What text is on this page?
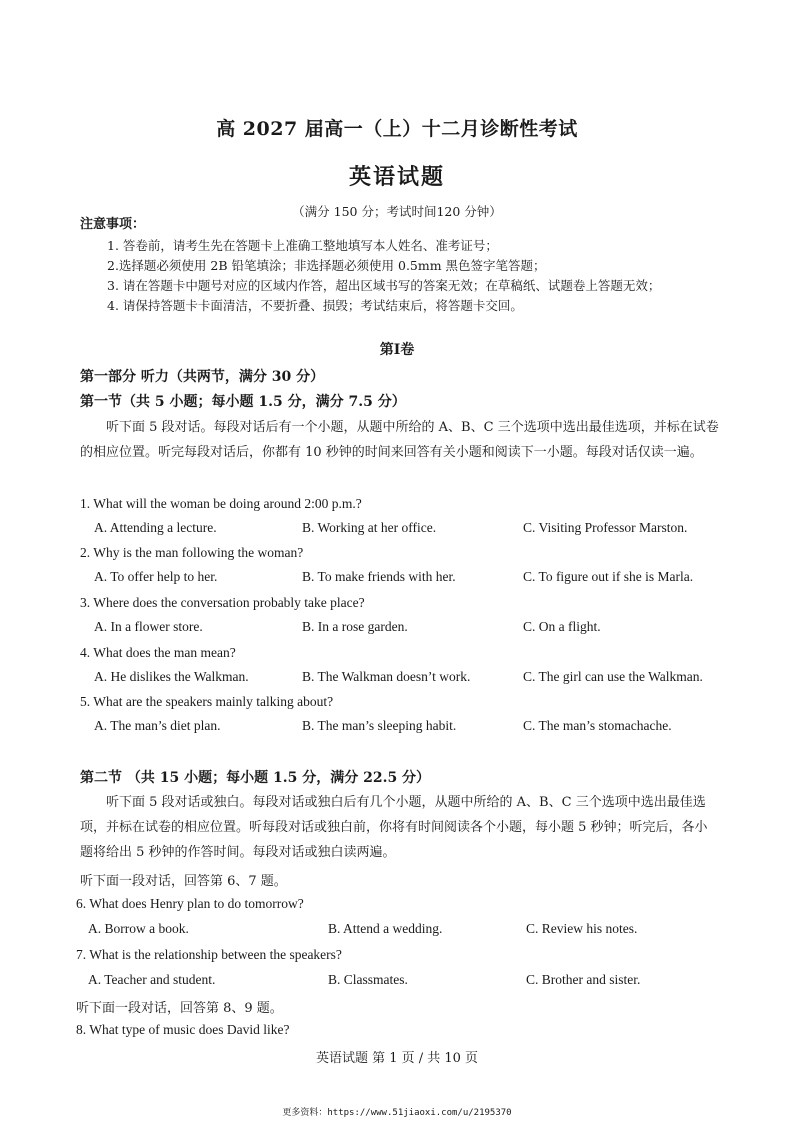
高 2027 届高一（上）十二月诊断性考试
英语试题
（满分 150 分；考试时间120 分钟）
注意事项：
1. 答卷前，请考生先在答题卡上准确工整地填写本人姓名、准考证号；
2.选择题必须使用 2B 铅笔填涂；非选择题必须使用 0.5mm 黑色签字笔答题；
3. 请在答题卡中题号对应的区域内作答，超出区域书写的答案无效；在草稿纸、试题卷上答题无效；
4. 请保持答题卡卡面清洁，不要折叠、损毁；考试结束后，将答题卡交回。
第Ⅰ卷
第一部分 听力（共两节，满分 30 分）
第一节（共 5 小题；每小题 1.5 分，满分 7.5 分）
听下面 5 段对话。每段对话后有一个小题，从题中所给的 A、B、C 三个选项中选出最佳选项，并标在试卷的相应位置。听完每段对话后，你都有 10 秒钟的时间来回答有关小题和阅读下一小题。每段对话仅读一遍。
1. What will the woman be doing around 2:00 p.m.?
A. Attending a lecture.	B. Working at her office.	C. Visiting Professor Marston.
2. Why is the man following the woman?
A. To offer help to her.	B. To make friends with her.	C. To figure out if she is Marla.
3. Where does the conversation probably take place?
A. In a flower store.	B. In a rose garden.	C. On a flight.
4. What does the man mean?
A. He dislikes the Walkman.	B. The Walkman doesn’t work.	C. The girl can use the Walkman.
5. What are the speakers mainly talking about?
A. The man’s diet plan.	B. The man’s sleeping habit.	C. The man’s stomachache.
第二节 （共 15 小题；每小题 1.5 分，满分 22.5 分）
听下面 5 段对话或独白。每段对话或独白后有几个小题，从题中所给的 A、B、C 三个选项中选出最佳选项，并标在试卷的相应位置。听每段对话或独白前，你将有时间阅读各个小题，每小题 5 秒钟；听完后，各小题将给出 5 秒钟的作答时间。每段对话或独白读两遍。
听下面一段对话，回答第 6、7 题。
6. What does Henry plan to do tomorrow?
A. Borrow a book.	B. Attend a wedding.	C. Review his notes.
7. What is the relationship between the speakers?
A. Teacher and student.	B. Classmates.	C. Brother and sister.
听下面一段对话，回答第 8、9 题。
8. What type of music does David like?
英语试题 第 1 页 / 共 10 页
更多资料：https://www.51jiaoxi.com/u/2195370
